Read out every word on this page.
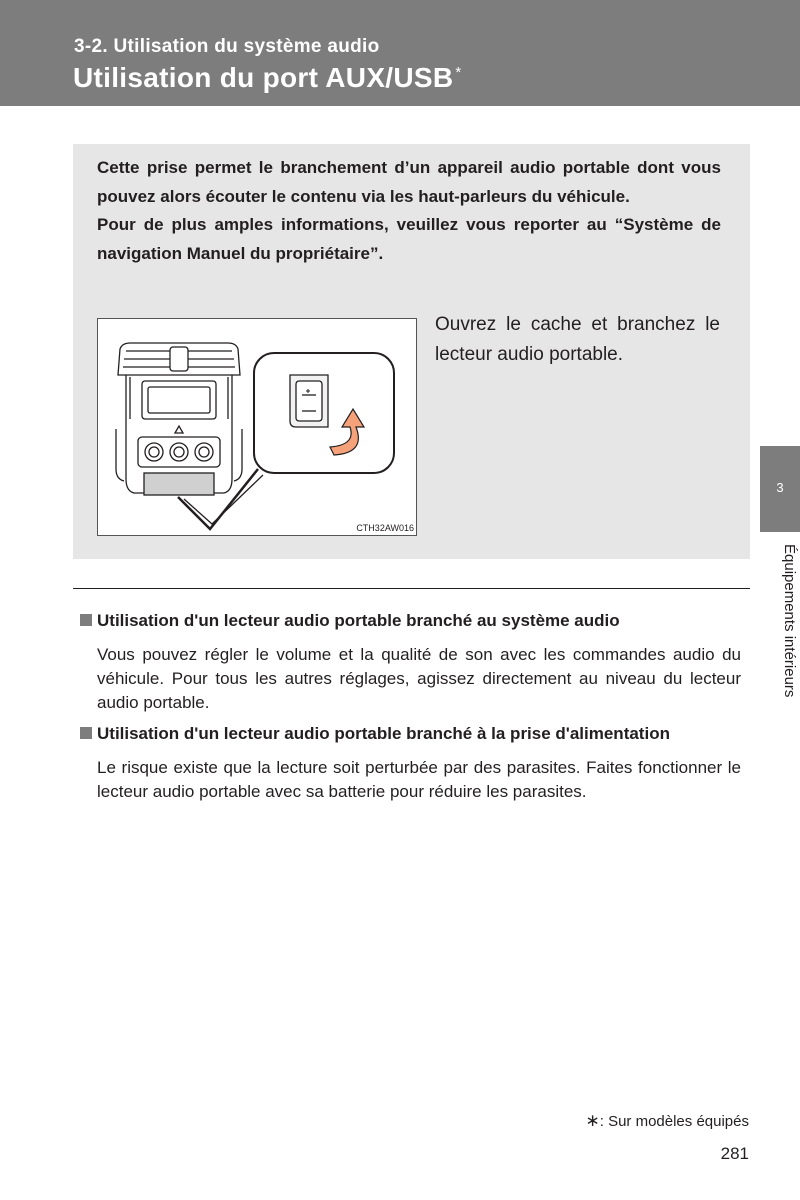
3-2. Utilisation du système audio
Utilisation du port AUX/USB *

Cette prise permet le branchement d’un appareil audio portable dont vous pouvez alors écouter le contenu via les haut-parleurs du véhicule.

Pour de plus amples informations, veuillez vous reporter au “Système de navigation Manuel du propriétaire”.

CTH32AW016
Ouvrez le cache et branchez le lecteur audio portable.
Utilisation d'un lecteur audio portable branché au système audio
Vous pouvez régler le volume et la qualité de son avec les commandes audio du véhicule. Pour tous les autres réglages, agissez directement au niveau du lecteur audio portable.
Utilisation d'un lecteur audio portable branché à la prise d'alimentation
Le risque existe que la lecture soit perturbée par des parasites. Faites fonctionner le lecteur audio portable avec sa batterie pour réduire les parasites.
3
Équipements intérieurs
∗: Sur modèles équipés
281
